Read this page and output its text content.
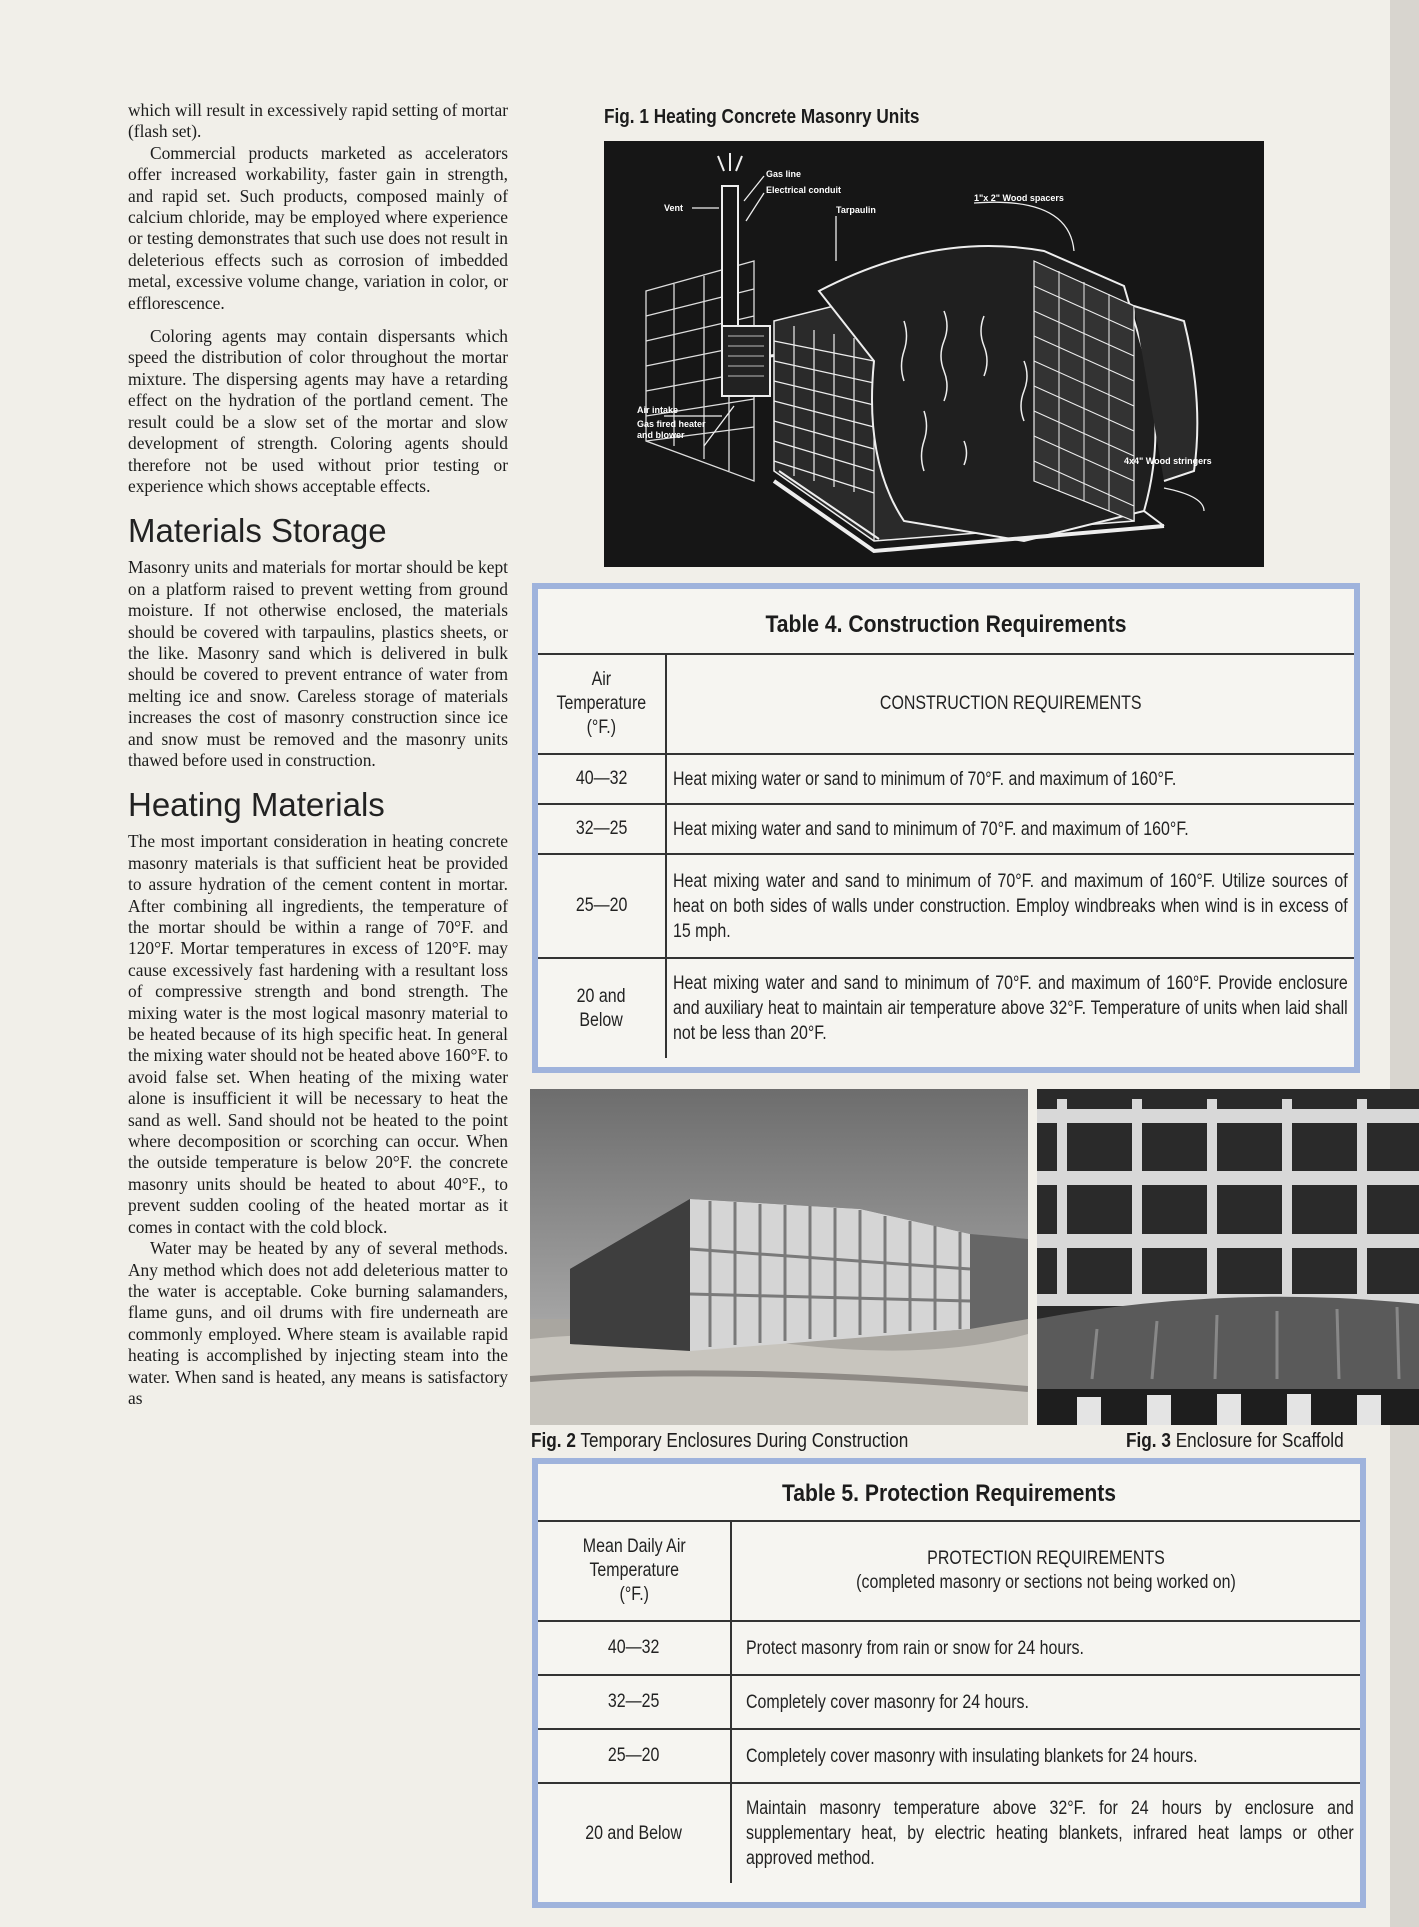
which will result in excessively rapid setting of mortar (flash set).

Commercial products marketed as accelerators offer increased workability, faster gain in strength, and rapid set. Such products, composed mainly of calcium chloride, may be employed where experience or testing demonstrates that such use does not result in deleterious effects such as corrosion of imbedded metal, excessive volume change, variation in color, or efflorescence.

Coloring agents may contain dispersants which speed the distribution of color throughout the mortar mixture. The dispersing agents may have a retarding effect on the hydration of the portland cement. The result could be a slow set of the mortar and slow development of strength. Coloring agents should therefore not be used without prior testing or experience which shows acceptable effects.

Materials Storage

Masonry units and materials for mortar should be kept on a platform raised to prevent wetting from ground moisture. If not otherwise enclosed, the materials should be covered with tarpaulins, plastics sheets, or the like. Masonry sand which is delivered in bulk should be covered to prevent entrance of water from melting ice and snow. Careless storage of materials increases the cost of masonry construction since ice and snow must be removed and the masonry units thawed before used in construction.

Heating Materials

The most important consideration in heating concrete masonry materials is that sufficient heat be provided to assure hydration of the cement content in mortar. After combining all ingredients, the temperature of the mortar should be within a range of 70°F. and 120°F. Mortar temperatures in excess of 120°F. may cause excessively fast hardening with a resultant loss of compressive strength and bond strength. The mixing water is the most logical masonry material to be heated because of its high specific heat. In general the mixing water should not be heated above 160°F. to avoid false set. When heating of the mixing water alone is insufficient it will be necessary to heat the sand as well. Sand should not be heated to the point where decomposition or scorching can occur. When the outside temperature is below 20°F. the concrete masonry units should be heated to about 40°F., to prevent sudden cooling of the heated mortar as it comes in contact with the cold block.

Water may be heated by any of several methods. Any method which does not add deleterious matter to the water is acceptable. Coke burning salamanders, flame guns, and oil drums with fire underneath are commonly employed. Where steam is available rapid heating is accomplished by injecting steam into the water. When sand is heated, any means is satisfactory as

Fig. 1 Heating Concrete Masonry Units
Gas line
Electrical conduit
1"x 2" Wood spacers
Vent	Tarpaulin
Air intake
Gas fired heater
and blower
4x4" Wood stringers
Table 4. Construction Requirements
Air
Temperature
(°F.)	CONSTRUCTION REQUIREMENTS
40—32	Heat mixing water or sand to minimum of 70°F. and maximum of 160°F.
32—25	Heat mixing water and sand to minimum of 70°F. and maximum of 160°F.
25—20	Heat mixing water and sand to minimum of 70°F. and maximum of 160°F. Utilize sources of heat on both sides of walls under construction. Employ windbreaks when wind is in excess of 15 mph.
20 and
Below	Heat mixing water and sand to minimum of 70°F. and maximum of 160°F. Provide enclosure and auxiliary heat to maintain air temperature above 32°F. Temperature of units when laid shall not be less than 20°F.
Fig. 2 Temporary Enclosures During Construction	Fig. 3 Enclosure for Scaffold
Table 5. Protection Requirements
Mean Daily Air
Temperature
(°F.)	PROTECTION REQUIREMENTS
(completed masonry or sections not being worked on)
40—32	Protect masonry from rain or snow for 24 hours.
32—25	Completely cover masonry for 24 hours.
25—20	Completely cover masonry with insulating blankets for 24 hours.
20 and Below	Maintain masonry temperature above 32°F. for 24 hours by enclosure and supplementary heat, by electric heating blankets, infrared heat lamps or other approved method.
